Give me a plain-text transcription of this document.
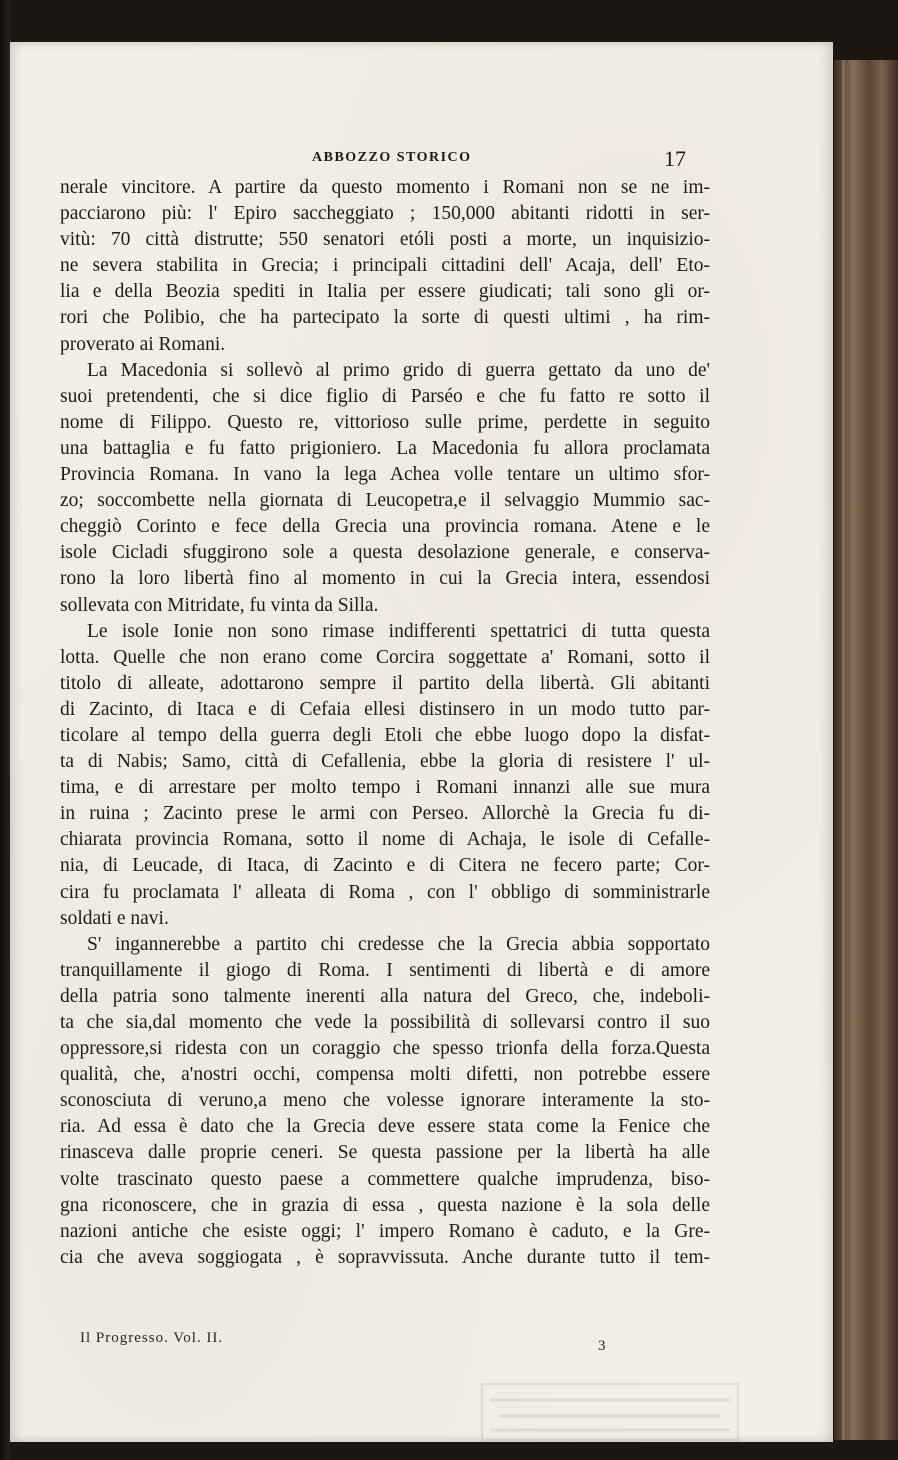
ABBOZZO STORICO	17
nerale vincitore. A partire da questo momento i Romani non se ne im-
pacciarono più: l' Epiro saccheggiato ; 150,000 abitanti ridotti in ser-
vitù: 70 città distrutte; 550 senatori etóli posti a morte, un inquisizio-
ne severa stabilita in Grecia; i principali cittadini dell' Acaja, dell' Eto-
lia e della Beozia spediti in Italia per essere giudicati; tali sono gli or-
rori che Polibio, che ha partecipato la sorte di questi ultimi , ha rim-
proverato ai Romani.
La Macedonia si sollevò al primo grido di guerra gettato da uno de'
suoi pretendenti, che si dice figlio di Parséo e che fu fatto re sotto il
nome di Filippo. Questo re, vittorioso sulle prime, perdette in seguito
una battaglia e fu fatto prigioniero. La Macedonia fu allora proclamata
Provincia Romana. In vano la lega Achea volle tentare un ultimo sfor-
zo; soccombette nella giornata di Leucopetra,e il selvaggio Mummio sac-
cheggiò Corinto e fece della Grecia una provincia romana. Atene e le
isole Cicladi sfuggirono sole a questa desolazione generale, e conserva-
rono la loro libertà fino al momento in cui la Grecia intera, essendosi
sollevata con Mitridate, fu vinta da Silla.
Le isole Ionie non sono rimase indifferenti spettatrici di tutta questa
lotta. Quelle che non erano come Corcira soggettate a' Romani, sotto il
titolo di alleate, adottarono sempre il partito della libertà. Gli abitanti
di Zacinto, di Itaca e di Cefaia ellesi distinsero in un modo tutto par-
ticolare al tempo della guerra degli Etoli che ebbe luogo dopo la disfat-
ta di Nabis; Samo, città di Cefallenia, ebbe la gloria di resistere l' ul-
tima, e di arrestare per molto tempo i Romani innanzi alle sue mura
in ruina ; Zacinto prese le armi con Perseo. Allorchè la Grecia fu di-
chiarata provincia Romana, sotto il nome di Achaja, le isole di Cefalle-
nia, di Leucade, di Itaca, di Zacinto e di Citera ne fecero parte; Cor-
cira fu proclamata l' alleata di Roma , con l' obbligo di somministrarle
soldati e navi.
S' ingannerebbe a partito chi credesse che la Grecia abbia sopportato
tranquillamente il giogo di Roma. I sentimenti di libertà e di amore
della patria sono talmente inerenti alla natura del Greco, che, indeboli-
ta che sia,dal momento che vede la possibilità di sollevarsi contro il suo
oppressore,si ridesta con un coraggio che spesso trionfa della forza.Questa
qualità, che, a'nostri occhi, compensa molti difetti, non potrebbe essere
sconosciuta di veruno,a meno che volesse ignorare interamente la sto-
ria. Ad essa è dato che la Grecia deve essere stata come la Fenice che
rinasceva dalle proprie ceneri. Se questa passione per la libertà ha alle
volte trascinato questo paese a commettere qualche imprudenza, biso-
gna riconoscere, che in grazia di essa , questa nazione è la sola delle
nazioni antiche che esiste oggi; l' impero Romano è caduto, e la Gre-
cia che aveva soggiogata , è sopravvissuta. Anche durante tutto il tem-
Il Progresso. Vol. II.	3
